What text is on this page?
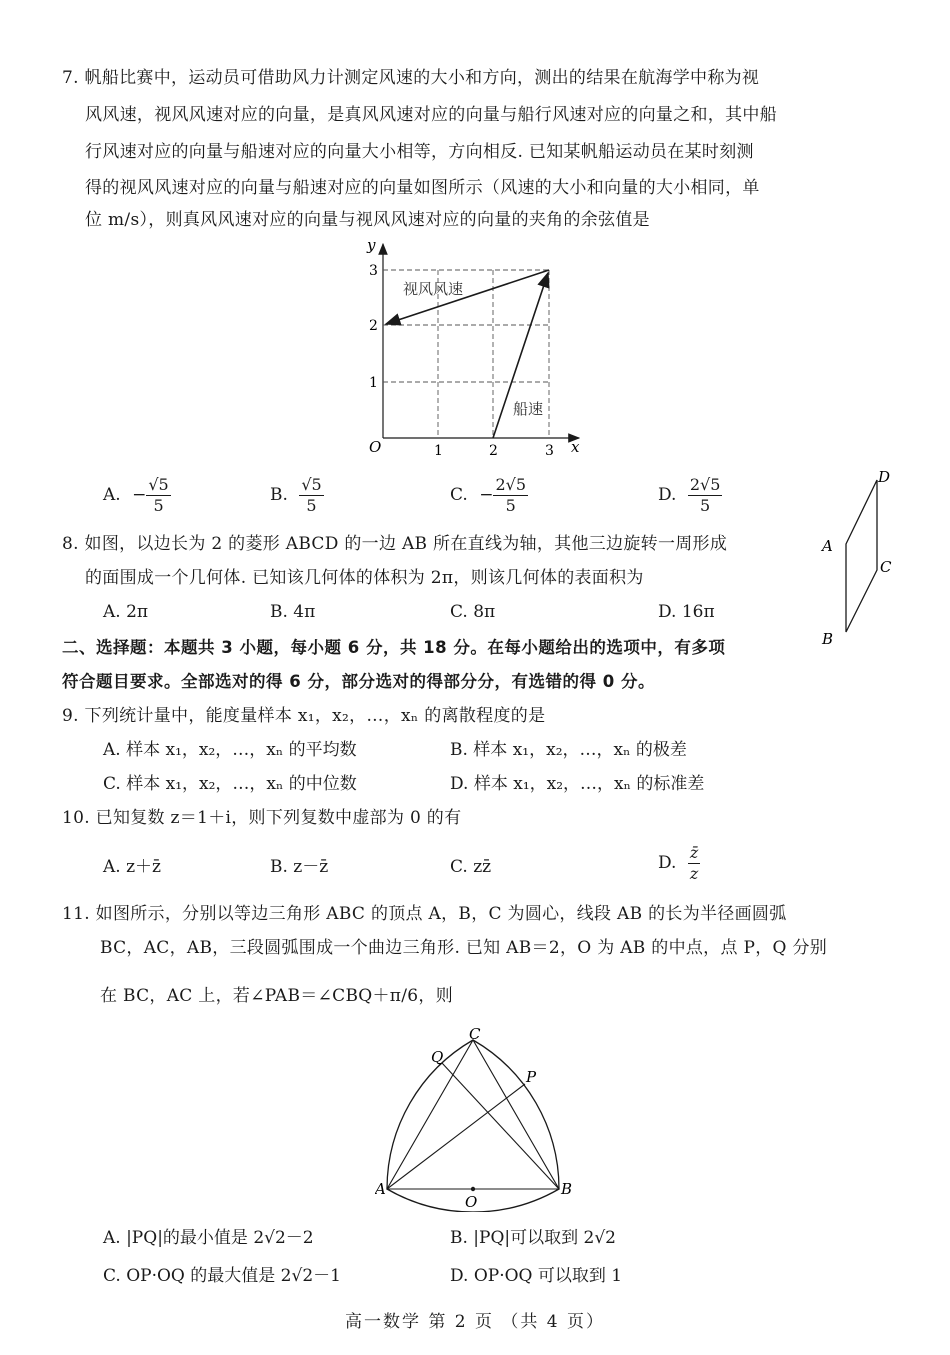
7. 帆船比赛中，运动员可借助风力计测定风速的大小和方向，测出的结果在航海学中称为视
风风速，视风风速对应的向量，是真风风速对应的向量与船行风速对应的向量之和，其中船
行风速对应的向量与船速对应的向量大小相等，方向相反. 已知某帆船运动员在某时刻测
得的视风风速对应的向量与船速对应的向量如图所示（风速的大小和向量的大小相同，单
位 m/s），则真风风速对应的向量与视风风速对应的向量的夹角的余弦值是
y
x
O	1	2	3
1
2
3
视风风速
船速
A. − $\frac{√5}{5}$	B. $\frac{√5}{5}$	C. − $\frac{2√5}{5}$	D. $\frac{2√5}{5}$	D
A
C
B
8. 如图，以边长为 2 的菱形 ABCD 的一边 AB 所在直线为轴，其他三边旋转一周形成
的面围成一个几何体. 已知该几何体的体积为 2π，则该几何体的表面积为
A. 2π	B. 4π	C. 8π	D. 16π
二、选择题：本题共 3 小题，每小题 6 分，共 18 分。在每小题给出的选项中，有多项
符合题目要求。全部选对的得 6 分，部分选对的得部分分，有选错的得 0 分。
9. 下列统计量中，能度量样本 x₁，x₂，…，xₙ 的离散程度的是
A. 样本 x₁，x₂，…，xₙ 的平均数	B. 样本 x₁，x₂，…，xₙ 的极差
C. 样本 x₁，x₂，…，xₙ 的中位数	D. 样本 x₁，x₂，…，xₙ 的标准差
10. 已知复数 z＝1＋i，则下列复数中虚部为 0 的有
A. z＋z̄	B. z－z̄	C. zz̄	D. $\frac{z̄}{z}$
11. 如图所示，分别以等边三角形 ABC 的顶点 A，B，C 为圆心，线段 AB 的长为半径画圆弧
BC，AC，AB，三段圆弧围成一个曲边三角形. 已知 AB＝2，O 为 AB 的中点，点 P，Q 分别
在 BC，AC 上，若∠PAB＝∠CBQ＋π/6，则
C
Q
P
A	B
O
A. |PQ|的最小值是 2√2－2	B. |PQ|可以取到 2√2
C. OP·OQ 的最大值是 2√2－1	D. OP·OQ 可以取到 1
高一数学 第 2 页 （共 4 页）
